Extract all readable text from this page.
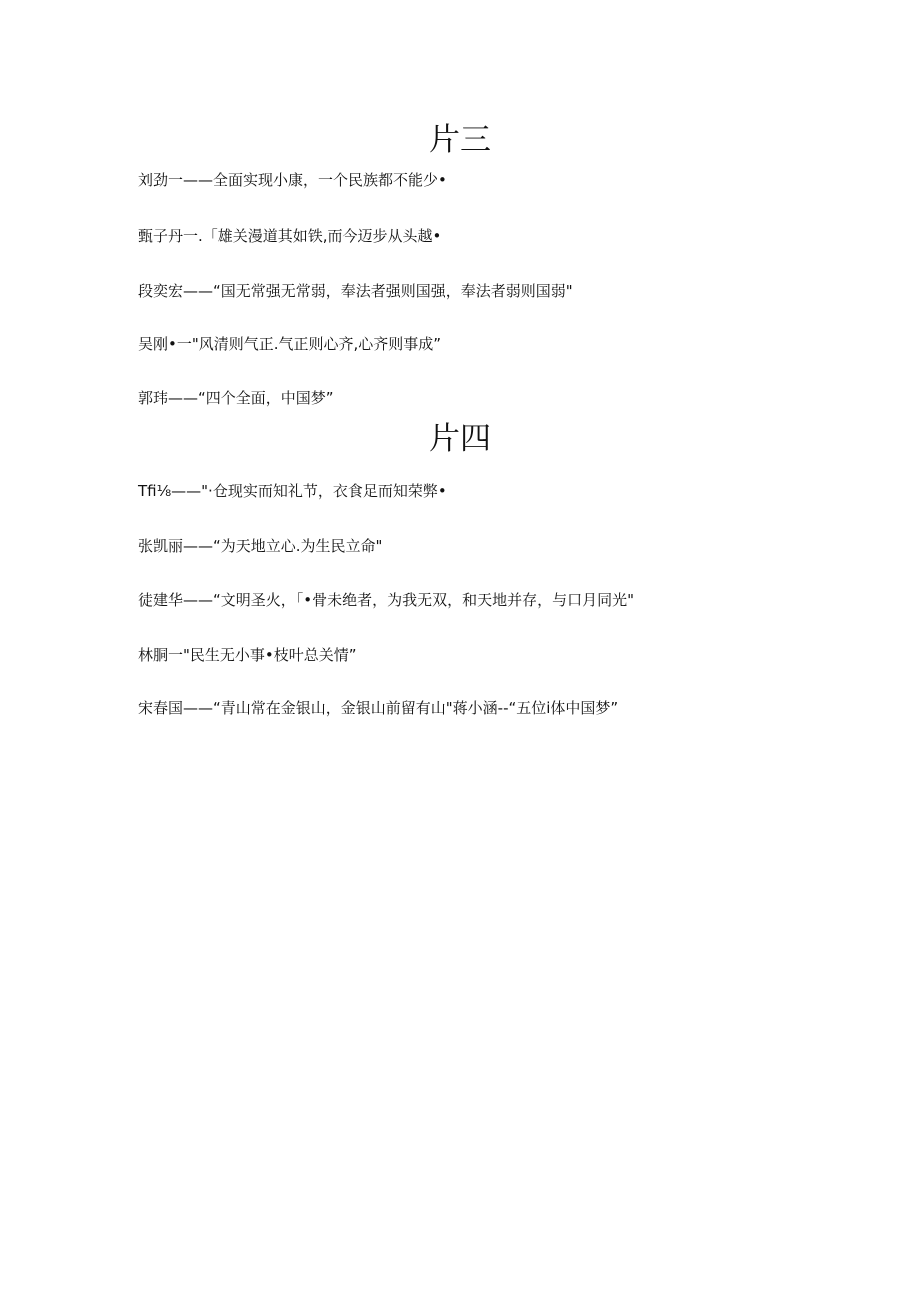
片三

刘劲一——全面实现小康，一个民族都不能少•

甄子丹一.「雄关漫道其如铁,而今迈步从头越•

段奕宏——“国无常强无常弱，奉法者强则国强，奉法者弱则国弱"

吴刚•一"风清则气正.气正则心齐,心齐则事成”

郭玮——“四个全面，中国梦”

片四

Tfi⅛——"·仓现实而知礼节，衣食足而知荣弊•

张凯丽——“为天地立心.为生民立命"

徒建华——“文明圣火，「•骨未绝者，为我无双，和天地并存，与口月同光"

林胴一"民生无小事•枝叶总关情”

宋春国——“青山常在金银山，金银山前留有山"蒋小涵--“五位i体中国梦”
